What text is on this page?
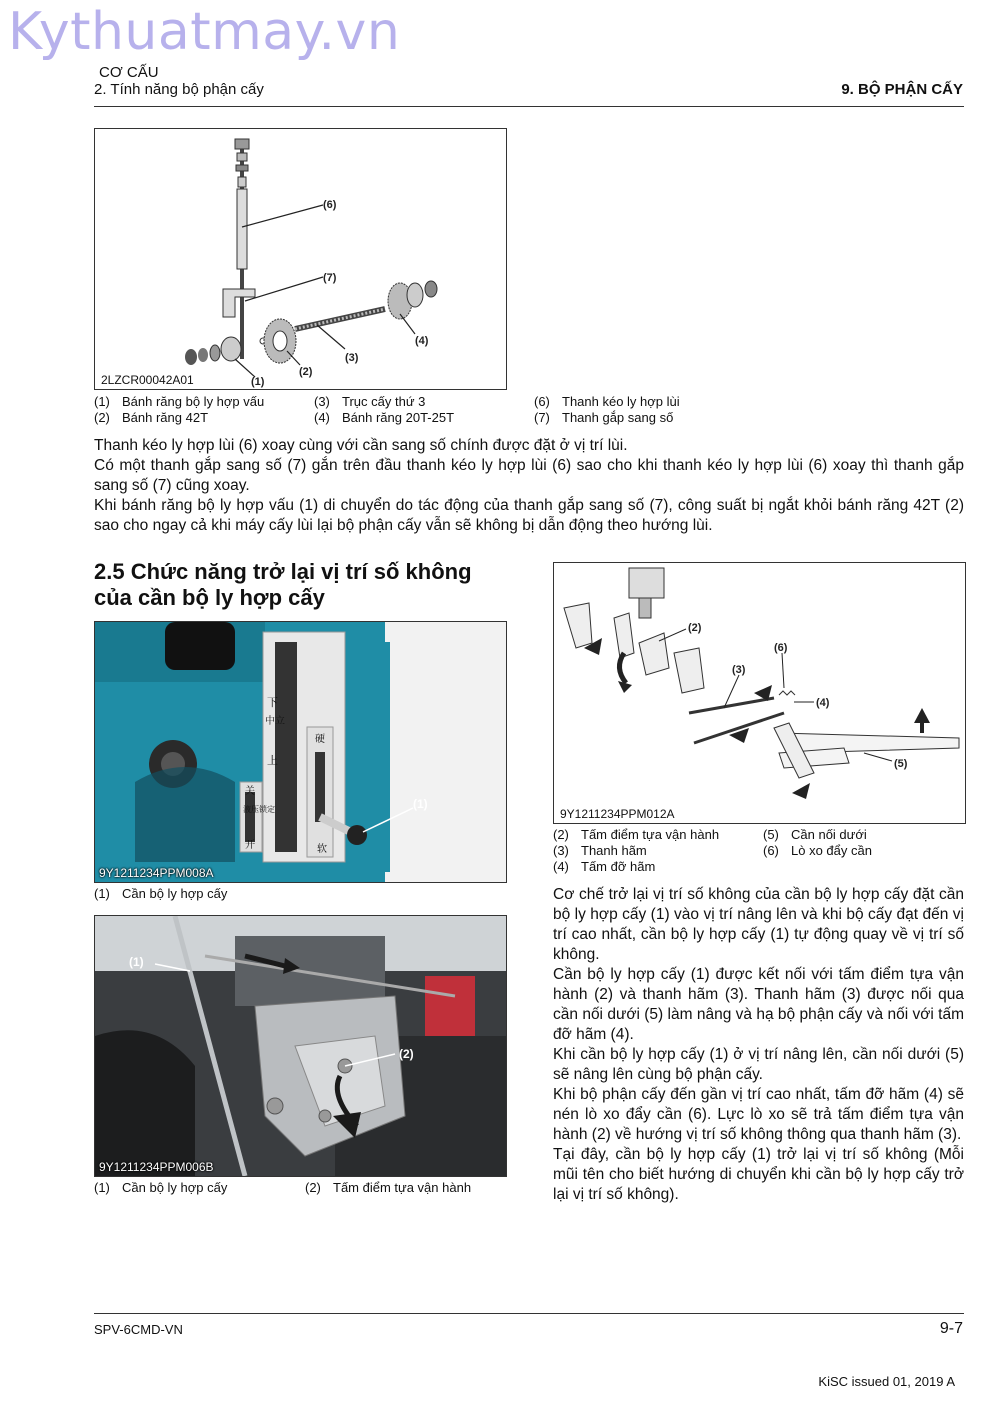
Kythuatmay.vn
CƠ CẤU
2. Tính năng bộ phận cấy	9. BỘ PHẬN CẤY
(6)
(7)
(3)
(4)
(2)
(1)
2LZCR00042A01
(1) Bánh răng bộ ly hợp vấu
(2) Bánh răng 42T
(3) Trục cấy thứ 3
(4) Bánh răng 20T-25T
(6) Thanh kéo ly hợp lùi
(7) Thanh gắp sang số

Thanh kéo ly hợp lùi (6) xoay cùng với cần sang số chính được đặt ở vị trí lùi.

Có một thanh gắp sang số (7) gắn trên đầu thanh kéo ly hợp lùi (6) sao cho khi thanh kéo ly hợp lùi (6) xoay thì thanh gắp sang số (7) cũng xoay.

Khi bánh răng bộ ly hợp vấu (1) di chuyển do tác động của thanh gắp sang số (7), công suất bị ngắt khỏi bánh răng 42T (2) sao cho ngay cả khi máy cấy lùi lại bộ phận cấy vẫn sẽ không bị dẫn động theo hướng lùi.

2.5 Chức năng trở lại vị trí số không
của cần bộ ly hợp cấy
下
中立
上
关
液压锁定
开
硬
软
(1)
9Y1211234PPM008A
(1) Cần bộ ly hợp cấy
(1)
(2)
9Y1211234PPM006B
(1) Cần bộ ly hợp cấy	(2) Tấm điểm tựa vận hành
(2)
(3)
(6)
(4)
(5)
9Y1211234PPM012A
(2) Tấm điểm tựa vận hành
(3) Thanh hãm
(4) Tấm đỡ hãm
(5) Cần nối dưới
(6) Lò xo đẩy cần

Cơ chế trở lại vị trí số không của cần bộ ly hợp cấy đặt cần bộ ly hợp cấy (1) vào vị trí nâng lên và khi bộ cấy đạt đến vị trí cao nhất, cần bộ ly hợp cấy (1) tự động quay về vị trí số không.

Cần bộ ly hợp cấy (1) được kết nối với tấm điểm tựa vận hành (2) và thanh hãm (3). Thanh hãm (3) được nối qua cần nối dưới (5) làm nâng và hạ bộ phận cấy và nối với tấm đỡ hãm (4).

Khi cần bộ ly hợp cấy (1) ở vị trí nâng lên, cần nối dưới (5) sẽ nâng lên cùng bộ phận cấy.

Khi bộ phận cấy đến gần vị trí cao nhất, tấm đỡ hãm (4) sẽ nén lò xo đẩy cần (6). Lực lò xo sẽ trả tấm điểm tựa vận hành (2) về hướng vị trí số không thông qua thanh hãm (3).

Tại đây, cần bộ ly hợp cấy (1) trở lại vị trí số không (Mỗi mũi tên cho biết hướng di chuyển khi cần bộ ly hợp cấy trở lại vị trí số không).

SPV-6CMD-VN	9-7
KiSC issued 01, 2019 A
